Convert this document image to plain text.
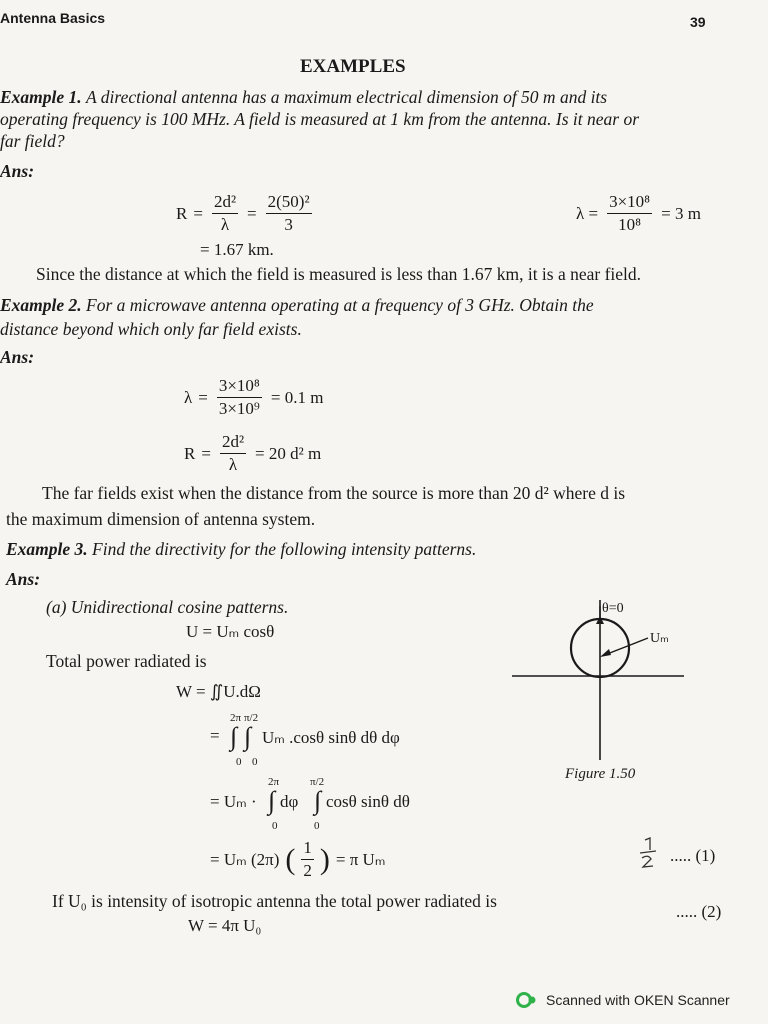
Antenna Basics	39
EXAMPLES
Example 1. A directional antenna has a maximum electrical dimension of 50 m and its
operating frequency is 100 MHz. A field is measured at 1 km from the antenna. Is it near or
far field?
Ans:
$R = \frac{\text{2d²}}{\lambda} = \frac{\text{2(50)²}}{3}$
= 1.67 km.
$\lambda = \frac{\text{3×10⁸}}{\text{10⁸}} = 3$ m
Since the distance at which the field is measured is less than 1.67 km, it is a near field.
Example 2. For a microwave antenna operating at a frequency of 3 GHz. Obtain the
distance beyond which only far field exists.
Ans:
$\lambda = \frac{\text{3×10⁸}}{\text{3×10⁹}} = 0.1$ m
$R = \frac{\text{2d²}}{\lambda} = 20$ d² m
The far fields exist when the distance from the source is more than 20 d² where d is
the maximum dimension of antenna system.
Example 3. Find the directivity for the following intensity patterns.
Ans:
(a) Unidirectional cosine patterns.
U = Uₘ cosθ
Total power radiated is
W = ∬U.dΩ
= ∫ ∫
2π π/2
0 0
Uₘ .cosθ sinθ dθ dφ
= Uₘ · ∫
2π
0
dφ ∫
π/2
0
cosθ sinθ dθ
= Uₘ (2π) ( $\frac{1}{2}$ ) = π Uₘ	..... (1)
If U₀ is intensity of isotropic antenna the total power radiated is
W = 4π U₀
..... (2)
θ=0
Uₘ
Figure 1.50
Scanned with OKEN Scanner
